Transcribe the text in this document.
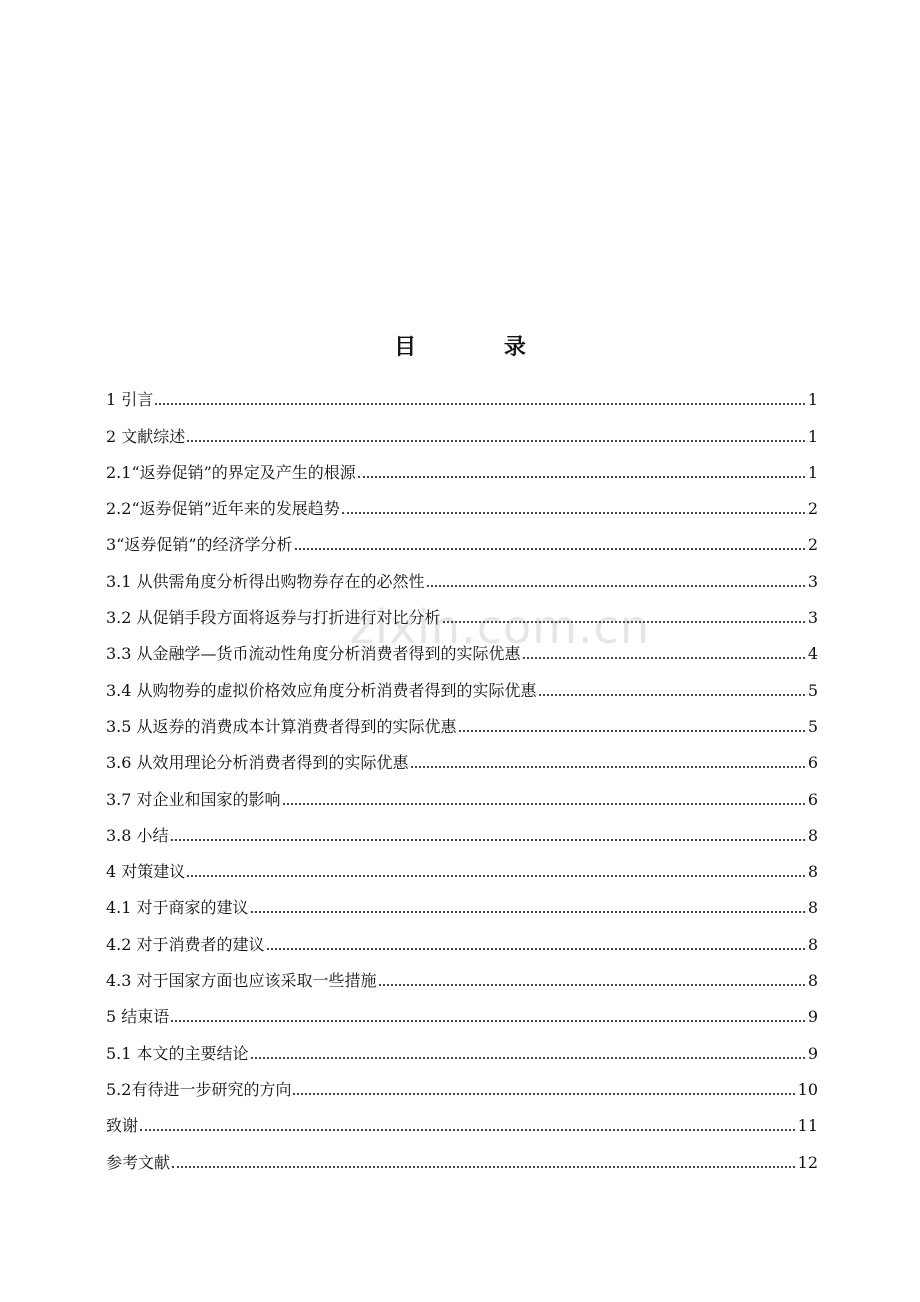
zixin.com.cn
目 录
1 引言	1
2 文献综述	1
2.1“返券促销”的界定及产生的根源	1
2.2“返券促销”近年来的发展趋势	2
3“返券促销”的经济学分析	2
3.1 从供需角度分析得出购物券存在的必然性	3
3.2 从促销手段方面将返券与打折进行对比分析	3
3.3 从金融学—货币流动性角度分析消费者得到的实际优惠	4
3.4 从购物券的虚拟价格效应角度分析消费者得到的实际优惠	5
3.5 从返券的消费成本计算消费者得到的实际优惠	5
3.6 从效用理论分析消费者得到的实际优惠	6
3.7 对企业和国家的影响	6
3.8 小结	8
4 对策建议	8
4.1 对于商家的建议	8
4.2 对于消费者的建议	8
4.3 对于国家方面也应该采取一些措施	8
5 结束语	9
5.1 本文的主要结论	9
5.2有待进一步研究的方向	10
致谢	11
参考文献	12
